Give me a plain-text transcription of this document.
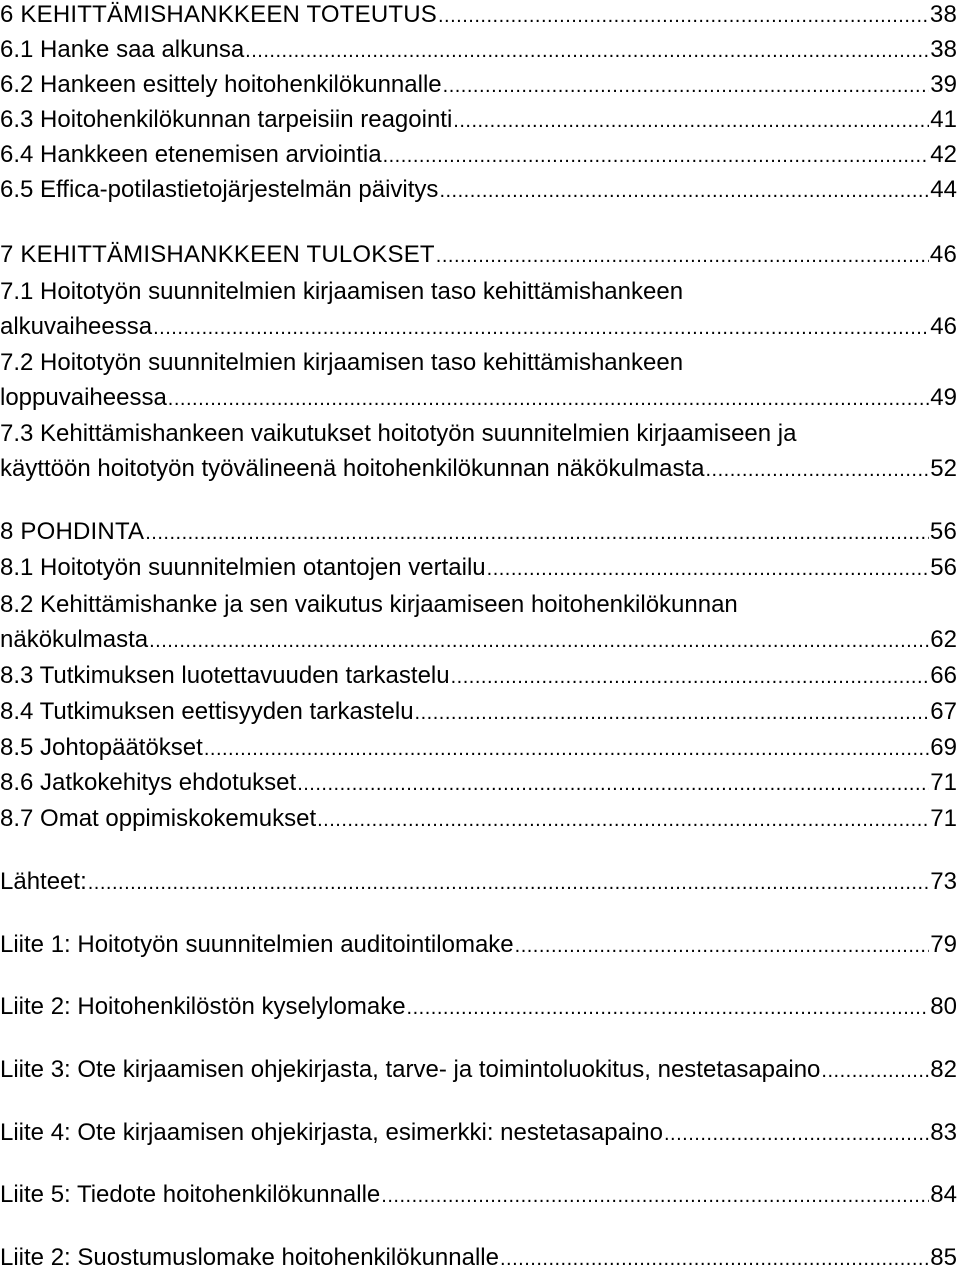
6 KEHITTÄMISHANKKEEN TOTEUTUS .....	38
6.1 Hanke saa alkunsa .....	38
6.2 Hankeen esittely hoitohenkilökunnalle .....	39
6.3 Hoitohenkilökunnan tarpeisiin reagointi .....	41
6.4 Hankkeen etenemisen arviointia .....	42
6.5 Effica-potilastietojärjestelmän päivitys .....	44
7 KEHITTÄMISHANKKEEN TULOKSET .....	46
7.1 Hoitotyön suunnitelmien kirjaamisen taso kehittämishankeen
alkuvaiheessa .....	46
7.2 Hoitotyön suunnitelmien kirjaamisen taso kehittämishankeen
loppuvaiheessa .....	49
7.3 Kehittämishankeen vaikutukset hoitotyön suunnitelmien kirjaamiseen ja
käyttöön hoitotyön työvälineenä hoitohenkilökunnan näkökulmasta .....	52
8 POHDINTA .....	56
8.1 Hoitotyön suunnitelmien otantojen vertailu .....	56
8.2 Kehittämishanke ja sen vaikutus kirjaamiseen hoitohenkilökunnan
näkökulmasta .....	62
8.3 Tutkimuksen luotettavuuden tarkastelu .....	66
8.4 Tutkimuksen eettisyyden tarkastelu .....	67
8.5 Johtopäätökset .....	69
8.6 Jatkokehitys ehdotukset .....	71
8.7 Omat oppimiskokemukset .....	71
Lähteet: .....	73
Liite 1: Hoitotyön suunnitelmien auditointilomake .....	79
Liite 2: Hoitohenkilöstön kyselylomake .....	80
Liite 3: Ote kirjaamisen ohjekirjasta, tarve- ja toimintoluokitus, nestetasapaino .....	82
Liite 4: Ote kirjaamisen ohjekirjasta, esimerkki: nestetasapaino .....	83
Liite 5: Tiedote hoitohenkilökunnalle .....	84
Liite 2: Suostumuslomake hoitohenkilökunnalle .....	85
